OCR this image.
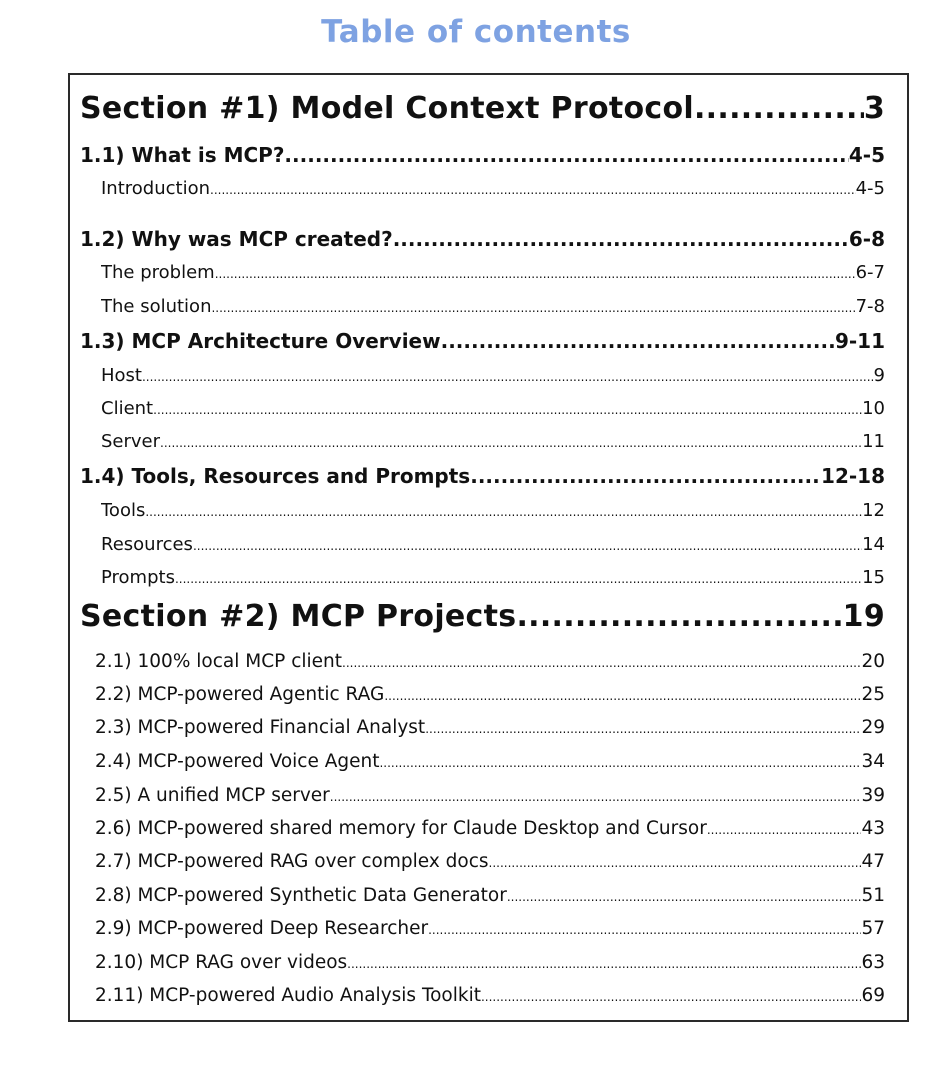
Table of contents
Section #1) Model Context Protocol .....	3
1.1) What is MCP? .....	4-5
Introduction .....	4-5
1.2) Why was MCP created? .....	6-8
The problem .....	6-7
The solution .....	7-8
1.3) MCP Architecture Overview .....	9-11
Host .....	9
Client .....	10
Server .....	11
1.4) Tools, Resources and Prompts .....	12-18
Tools .....	12
Resources .....	14
Prompts .....	15
Section #2) MCP Projects .....	19
2.1) 100% local MCP client .....	20
2.2) MCP-powered Agentic RAG .....	25
2.3) MCP-powered Financial Analyst .....	29
2.4) MCP-powered Voice Agent .....	34
2.5) A unified MCP server .....	39
2.6) MCP-powered shared memory for Claude Desktop and Cursor .....	43
2.7) MCP-powered RAG over complex docs .....	47
2.8) MCP-powered Synthetic Data Generator .....	51
2.9) MCP-powered Deep Researcher .....	57
2.10) MCP RAG over videos .....	63
2.11) MCP-powered Audio Analysis Toolkit .....	69
